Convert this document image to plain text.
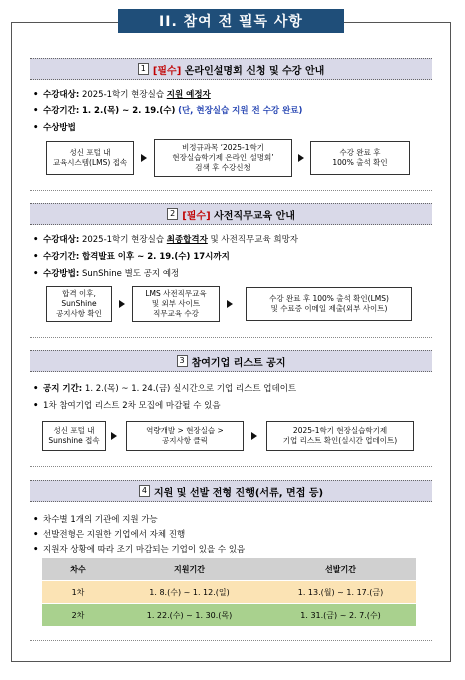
II. 참여 전 필독 사항
1 [필수]
온라인설명회 신청 및 수강 안내
• 수강대상: 2025-1학기 현장실습 지원 예정자
• 수강기간: 1. 2.(목) ~ 2. 19.(수) (단, 현장실습 지원 전 수강 완료)
• 수상방법
성신 포털 내
교육시스템(LMS) 접속
비정규과목 ‘2025-1학기
현장실습학기제 온라인 설명회’
검색 후 수강신청
수강 완료 후
100% 출석 확인
2 [필수]
사전직무교육 안내
• 수강대상: 2025-1학기 현장실습 최종합격자 및 사전직무교육 희망자
• 수강기간: 합격발표 이후 ~ 2. 19.(수) 17시까지
• 수강방법: SunShine 별도 공지 예정
합격 이후,
SunShine
공지사항 확인
LMS 사전직무교육
및 외부 사이트
직무교육 수강
수강 완료 후 100% 출석 확인(LMS)
및 수료증 이메일 제출(외부 사이트)
3 참여기업 리스트 공지
• 공지 기간: 1. 2.(목) ~ 1. 24.(금) 실시간으로 기업 리스트 업데이트
• 1차 참여기업 리스트 2차 모집에 마감될 수 있음
성신 포털 내
Sunshine 접속
역량개발 > 현장실습 >
공지사항 클릭
2025-1학기 현장실습학기제
기업 리스트 확인(실시간 업데이트)
4 지원 및 선발 전형 진행(서류, 면접 등)
• 차수별 1개의 기관에 지원 가능
• 선발전형은 지원한 기업에서 자체 진행
• 지원자 상황에 따라 조기 마감되는 기업이 있을 수 있음
차수	지원기간	선발기간
1차	1. 8.(수) ~ 1. 12.(일)	1. 13.(월) ~ 1. 17.(금)
2차	1. 22.(수) ~ 1. 30.(목)	1. 31.(금) ~ 2. 7.(수)
